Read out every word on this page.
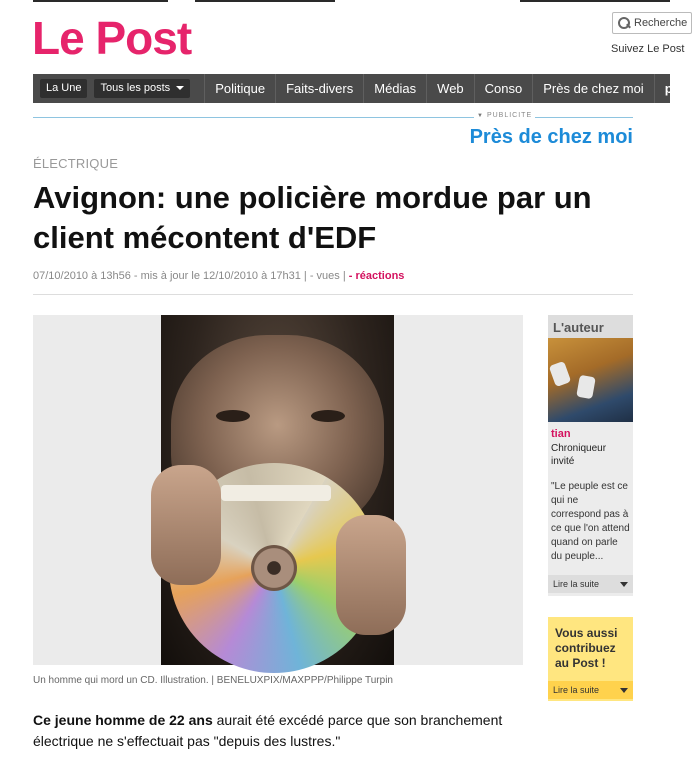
Le Post
Recherche	Suivez Le Post
La Une	Tous les posts	Politique	Faits-divers	Médias	Web	Conso	Près de chez moi	p
▼ PUBLICITE
Près de chez moi
ÉLECTRIQUE
Avignon: une policière mordue par un client mécontent d'EDF
07/10/2010 à 13h56 - mis à jour le 12/10/2010 à 17h31 | - vues | - réactions
Un homme qui mord un CD. Illustration. | BENELUXPIX/MAXPPP/Philippe Turpin

Ce jeune homme de 22 ans aurait été excédé parce que son branchement électrique ne s'effectuait pas "depuis des lustres."

L'auteur
tian
Chroniqueur invité
"Le peuple est ce qui ne correspond pas à ce que l'on attend quand on parle du peuple...
Lire la suite
Vous aussi contribuez au Post !
Lire la suite
